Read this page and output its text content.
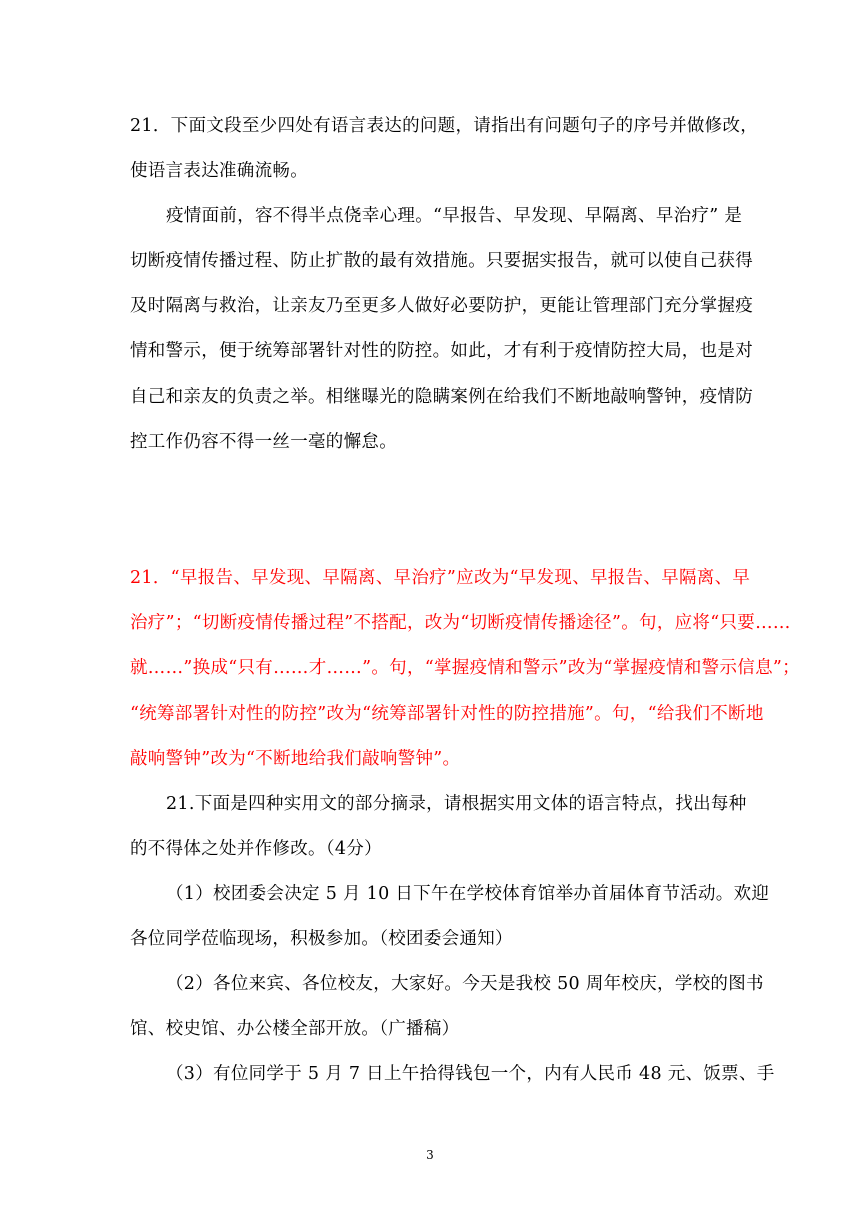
21．下面文段至少四处有语言表达的问题，请指出有问题句子的序号并做修改，
使语言表达准确流畅。
疫情面前，容不得半点侥幸心理。“早报告、早发现、早隔离、早治疗” 是
切断疫情传播过程、防止扩散的最有效措施。只要据实报告，就可以使自己获得
及时隔离与救治，让亲友乃至更多人做好必要防护，更能让管理部门充分掌握疫
情和警示，便于统筹部署针对性的防控。如此，才有利于疫情防控大局，也是对
自己和亲友的负责之举。相继曝光的隐瞒案例在给我们不断地敲响警钟，疫情防
控工作仍容不得一丝一毫的懈怠。
21．“早报告、早发现、早隔离、早治疗”应改为“早发现、早报告、早隔离、早
治疗”；“切断疫情传播过程”不搭配，改为“切断疫情传播途径”。句，应将“只要……
就……”换成“只有……才……”。句，“掌握疫情和警示”改为“掌握疫情和警示信息”；
“统筹部署针对性的防控”改为“统筹部署针对性的防控措施”。句，“给我们不断地
敲响警钟”改为“不断地给我们敲响警钟”。
21.下面是四种实用文的部分摘录，请根据实用文体的语言特点，找出每种
的不得体之处并作修改。（4分）
（1）校团委会决定 5 月 10 日下午在学校体育馆举办首届体育节活动。欢迎
各位同学莅临现场，积极参加。（校团委会通知）
（2）各位来宾、各位校友，大家好。今天是我校 50 周年校庆，学校的图书
馆、校史馆、办公楼全部开放。（广播稿）
（3）有位同学于 5 月 7 日上午拾得钱包一个，内有人民币 48 元、饭票、手
3
